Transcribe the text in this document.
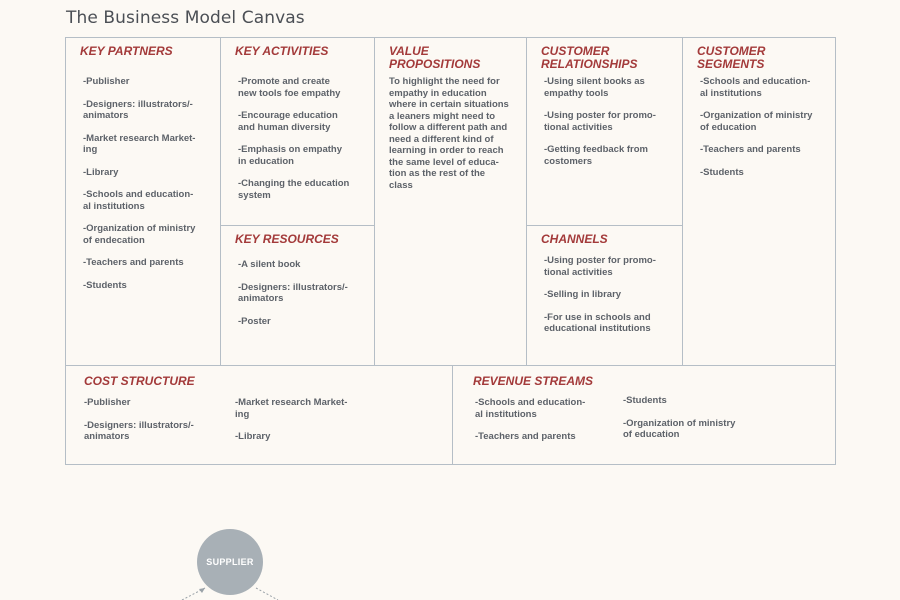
The Business Model Canvas
KEY PARTNERS
-Publisher
-Designers: illustrators/-
animators
-Market research Market-
ing
-Library
-Schools and education-
al institutions
-Organization of ministry
of endecation
-Teachers and parents
-Students
KEY ACTIVITIES
-Promote and create
new tools foe empathy
-Encourage education
and human diversity
-Emphasis on empathy
in education
-Changing the education
system
KEY RESOURCES
-A silent book
-Designers: illustrators/-
animators
-Poster
VALUE
PROPOSITIONS
To highlight the need for
empathy in education
where in certain situations
a leaners might need to
follow a different path and
need a different kind of
learning in order to reach
the same level of educa-
tion as the rest of the
class
CUSTOMER
RELATIONSHIPS
-Using silent books as
empathy tools
-Using poster for promo-
tional activities
-Getting feedback from
costomers
CHANNELS
-Using poster for promo-
tional activities
-Selling in library
-For use in schools and
educational institutions
CUSTOMER
SEGMENTS
-Schools and education-
al institutions
-Organization of ministry
of education
-Teachers and parents
-Students
COST STRUCTURE
-Publisher
-Designers: illustrators/-
animators
-Market research Market-
ing
-Library
REVENUE STREAMS
-Schools and education-
al institutions
-Teachers and parents
-Students
-Organization of ministry
of education
SUPPLIER
